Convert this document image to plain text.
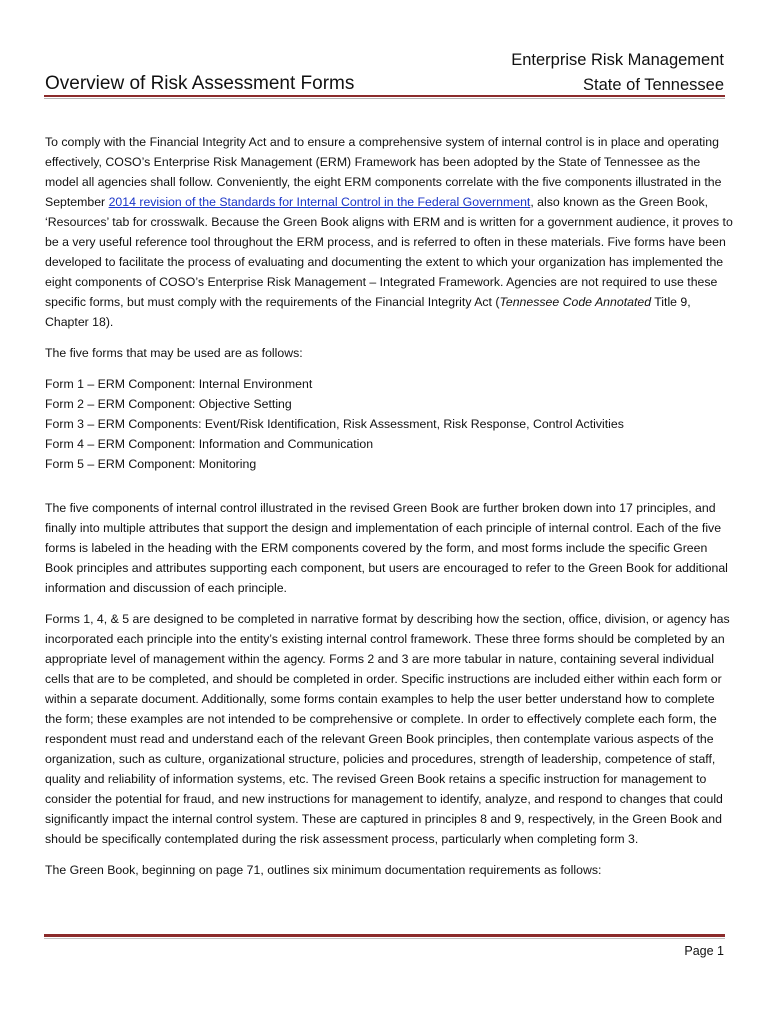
Enterprise Risk Management
State of Tennessee
Overview of Risk Assessment Forms

To comply with the Financial Integrity Act and to ensure a comprehensive system of internal control is in place and operating effectively, COSO’s Enterprise Risk Management (ERM) Framework has been adopted by the State of Tennessee as the model all agencies shall follow. Conveniently, the eight ERM components correlate with the five components illustrated in the September 2014 revision of the Standards for Internal Control in the Federal Government, also known as the Green Book, ‘Resources’ tab for crosswalk. Because the Green Book aligns with ERM and is written for a government audience, it proves to be a very useful reference tool throughout the ERM process, and is referred to often in these materials. Five forms have been developed to facilitate the process of evaluating and documenting the extent to which your organization has implemented the eight components of COSO’s Enterprise Risk Management – Integrated Framework. Agencies are not required to use these specific forms, but must comply with the requirements of the Financial Integrity Act (Tennessee Code Annotated Title 9, Chapter 18).

The five forms that may be used are as follows:

Form 1 – ERM Component: Internal Environment
Form 2 – ERM Component: Objective Setting
Form 3 – ERM Components: Event/Risk Identification, Risk Assessment, Risk Response, Control Activities
Form 4 – ERM Component: Information and Communication
Form 5 – ERM Component: Monitoring

The five components of internal control illustrated in the revised Green Book are further broken down into 17 principles, and finally into multiple attributes that support the design and implementation of each principle of internal control. Each of the five forms is labeled in the heading with the ERM components covered by the form, and most forms include the specific Green Book principles and attributes supporting each component, but users are encouraged to refer to the Green Book for additional information and discussion of each principle.

Forms 1, 4, & 5 are designed to be completed in narrative format by describing how the section, office, division, or agency has incorporated each principle into the entity’s existing internal control framework. These three forms should be completed by an appropriate level of management within the agency. Forms 2 and 3 are more tabular in nature, containing several individual cells that are to be completed, and should be completed in order. Specific instructions are included either within each form or within a separate document. Additionally, some forms contain examples to help the user better understand how to complete the form; these examples are not intended to be comprehensive or complete. In order to effectively complete each form, the respondent must read and understand each of the relevant Green Book principles, then contemplate various aspects of the organization, such as culture, organizational structure, policies and procedures, strength of leadership, competence of staff, quality and reliability of information systems, etc. The revised Green Book retains a specific instruction for management to consider the potential for fraud, and new instructions for management to identify, analyze, and respond to changes that could significantly impact the internal control system. These are captured in principles 8 and 9, respectively, in the Green Book and should be specifically contemplated during the risk assessment process, particularly when completing form 3.

The Green Book, beginning on page 71, outlines six minimum documentation requirements as follows:

Page 1
